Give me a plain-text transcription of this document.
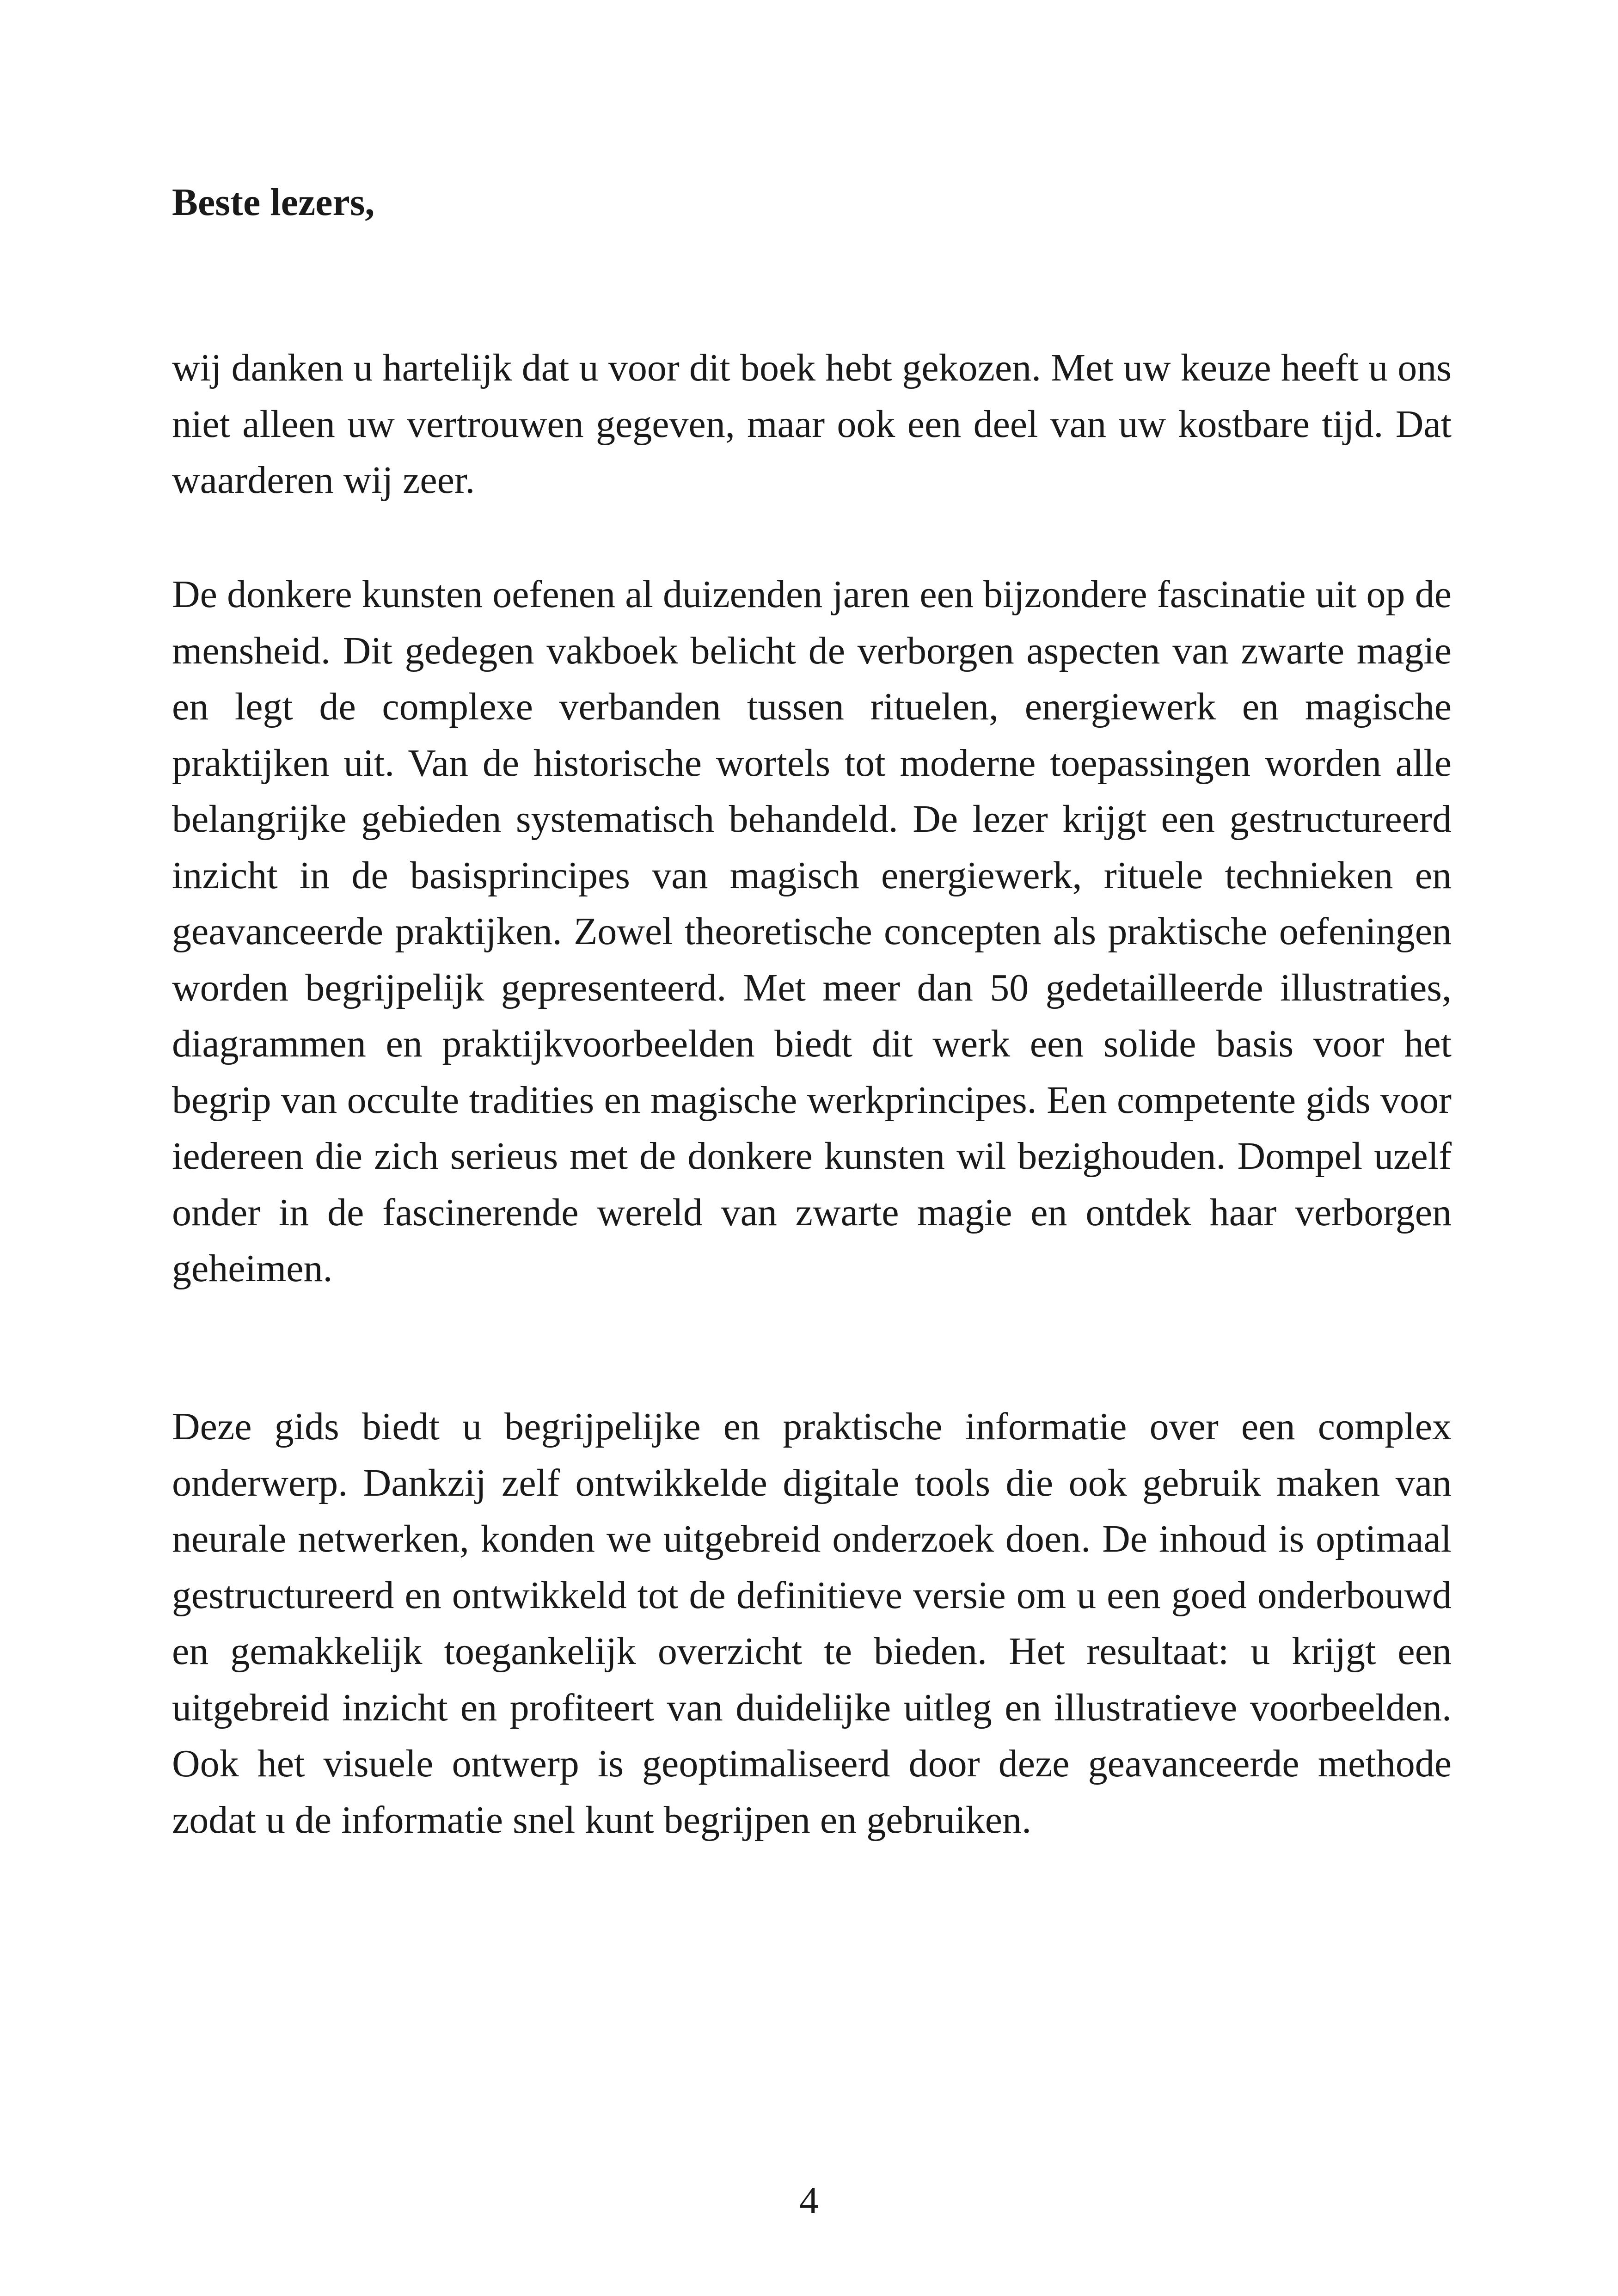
Beste lezers,

wij danken u hartelijk dat u voor dit boek hebt gekozen. Met uw keuze heeft u ons niet alleen uw vertrouwen gegeven, maar ook een deel van uw kostbare tijd. Dat waarderen wij zeer.

De donkere kunsten oefenen al duizenden jaren een bijzondere fascinatie uit op de mensheid. Dit gedegen vakboek belicht de verborgen aspecten van zwarte magie en legt de complexe verbanden tussen rituelen, energiewerk en magische praktijken uit. Van de historische wortels tot moderne toepassingen worden alle belangrijke gebieden systematisch behandeld. De lezer krijgt een gestructureerd inzicht in de basisprincipes van magisch energiewerk, rituele technieken en geavanceerde praktijken. Zowel theoretische concepten als praktische oefeningen worden begrijpelijk gepresenteerd. Met meer dan 50 gedetailleerde illustraties, diagrammen en praktijkvoorbeelden biedt dit werk een solide basis voor het begrip van occulte tradities en magische werkprincipes. Een competente gids voor iedereen die zich serieus met de donkere kunsten wil bezighouden. Dompel uzelf onder in de fascinerende wereld van zwarte magie en ontdek haar verborgen geheimen.

Deze gids biedt u begrijpelijke en praktische informatie over een complex onderwerp. Dankzij zelf ontwikkelde digitale tools die ook gebruik maken van neurale netwerken, konden we uitgebreid onderzoek doen. De inhoud is optimaal gestructureerd en ontwikkeld tot de definitieve versie om u een goed onderbouwd en gemakkelijk toegankelijk overzicht te bieden. Het resultaat: u krijgt een uitgebreid inzicht en profiteert van duidelijke uitleg en illustratieve voorbeelden. Ook het visuele ontwerp is geoptimaliseerd door deze geavanceerde methode zodat u de informatie snel kunt begrijpen en gebruiken.

4
